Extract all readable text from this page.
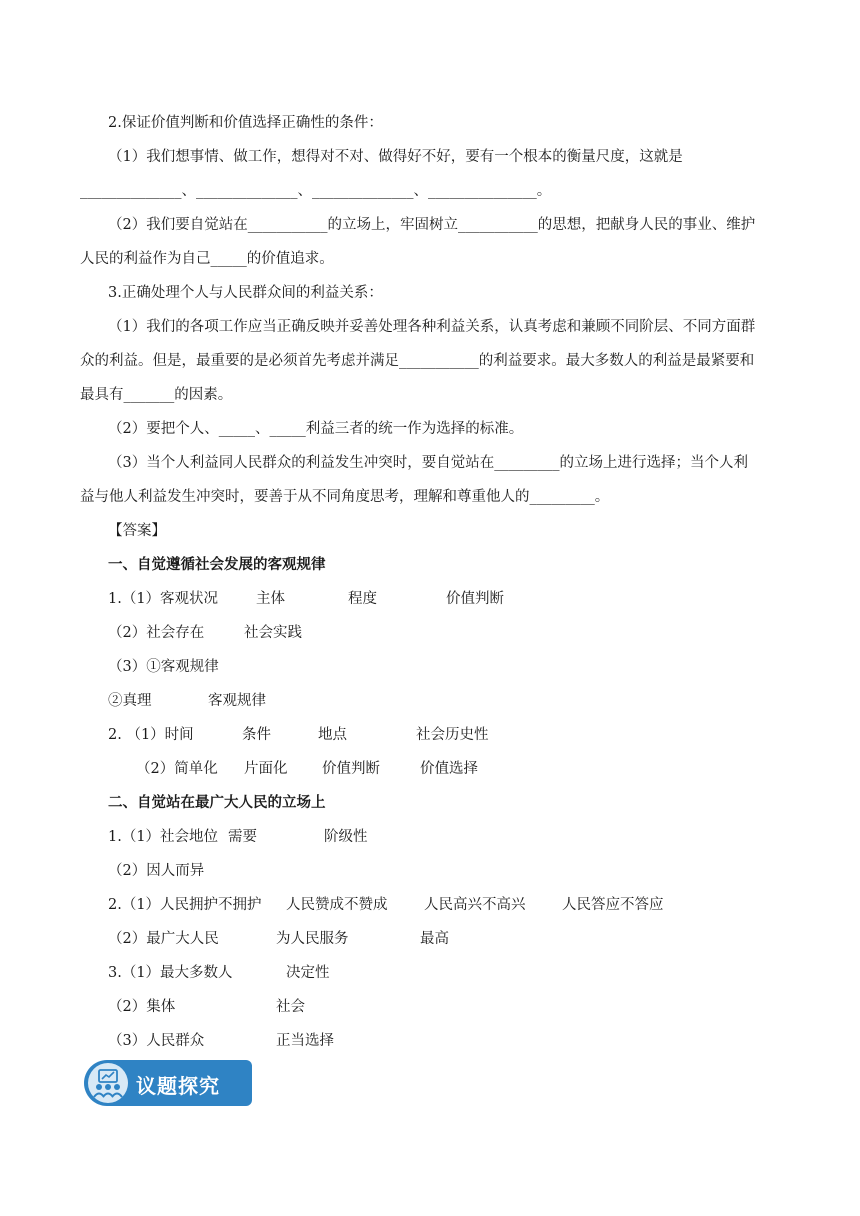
2.保证价值判断和价值选择正确性的条件：
（1）我们想事情、做工作，想得对不对、做得好不好，要有一个根本的衡量尺度，这就是
______________、______________、______________、_______________。
（2）我们要自觉站在___________的立场上，牢固树立___________的思想，把献身人民的事业、维护
人民的利益作为自己_____的价值追求。
3.正确处理个人与人民群众间的利益关系：
（1）我们的各项工作应当正确反映并妥善处理各种利益关系，认真考虑和兼顾不同阶层、不同方面群
众的利益。但是，最重要的是必须首先考虑并满足___________的利益要求。最大多数人的利益是最紧要和
最具有_______的因素。
（2）要把个人、_____、_____利益三者的统一作为选择的标准。
（3）当个人利益同人民群众的利益发生冲突时，要自觉站在_________的立场上进行选择；当个人利
益与他人利益发生冲突时，要善于从不同角度思考，理解和尊重他人的_________。
【答案】
一、自觉遵循社会发展的客观规律
1.（1）客观状况	主体	程度	价值判断
（2）社会存在	社会实践
（3）①客观规律
②真理	客观规律
2. （1）时间	条件	地点	社会历史性
（2）简单化 片面化 价值判断	价值选择
二、自觉站在最广大人民的立场上
1.（1）社会地位 需要	阶级性
（2）因人而异
2.（1）人民拥护不拥护 人民赞成不赞成	人民高兴不高兴	人民答应不答应
（2）最广大人民	为人民服务	最高
3.（1）最大多数人	决定性
（2）集体	社会
（3）人民群众	正当选择
议题探究
